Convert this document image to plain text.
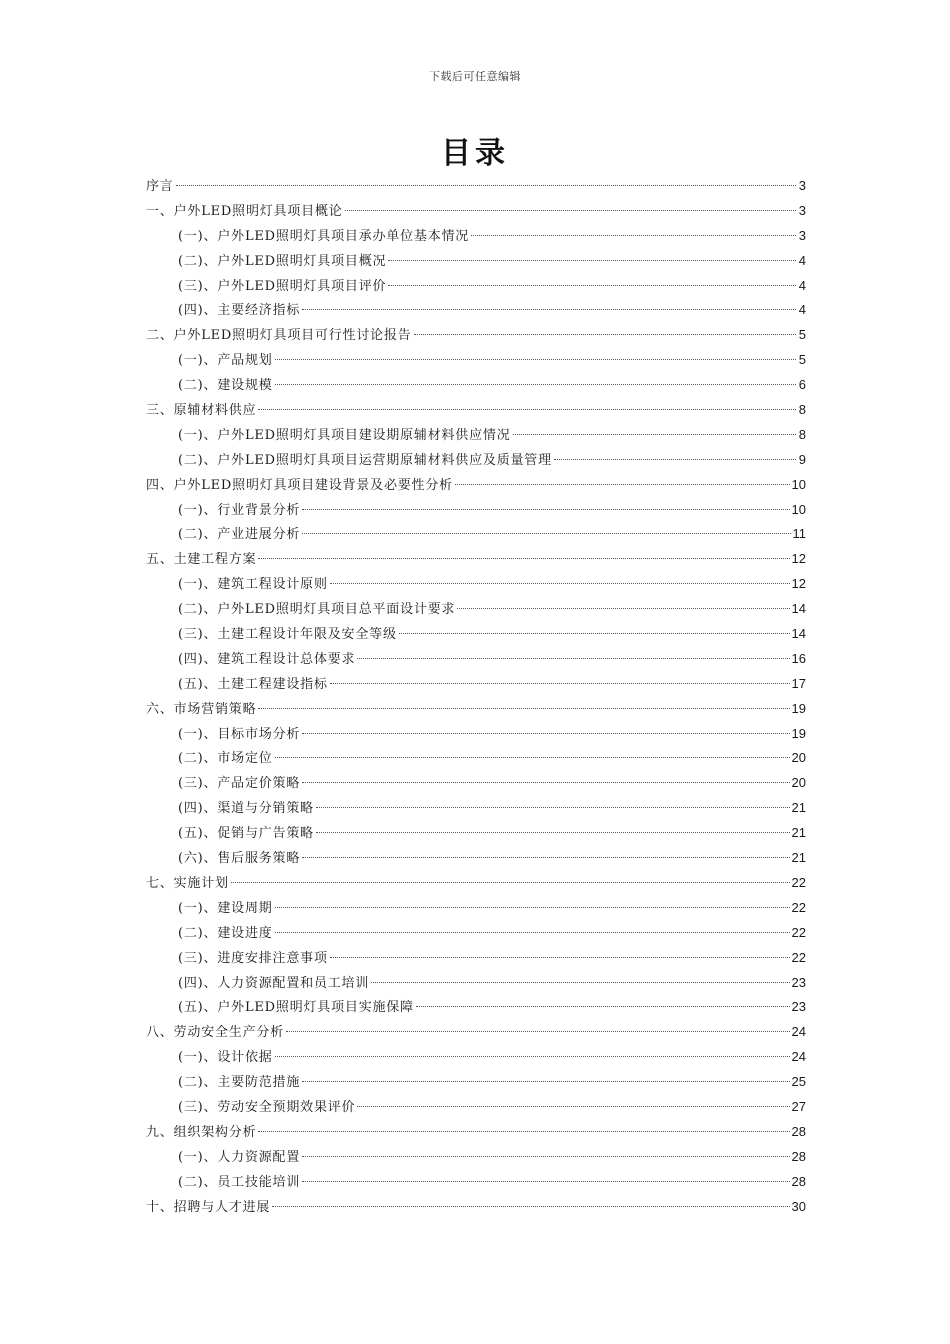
下载后可任意编辑
目录
序言	3
一、户外LED照明灯具项目概论	3
(一)、户外LED照明灯具项目承办单位基本情况	3
(二)、户外LED照明灯具项目概况	4
(三)、户外LED照明灯具项目评价	4
(四)、主要经济指标	4
二、户外LED照明灯具项目可行性讨论报告	5
(一)、产品规划	5
(二)、建设规模	6
三、原辅材料供应	8
(一)、户外LED照明灯具项目建设期原辅材料供应情况	8
(二)、户外LED照明灯具项目运营期原辅材料供应及质量管理	9
四、户外LED照明灯具项目建设背景及必要性分析	10
(一)、行业背景分析	10
(二)、产业进展分析	11
五、土建工程方案	12
(一)、建筑工程设计原则	12
(二)、户外LED照明灯具项目总平面设计要求	14
(三)、土建工程设计年限及安全等级	14
(四)、建筑工程设计总体要求	16
(五)、土建工程建设指标	17
六、市场营销策略	19
(一)、目标市场分析	19
(二)、市场定位	20
(三)、产品定价策略	20
(四)、渠道与分销策略	21
(五)、促销与广告策略	21
(六)、售后服务策略	21
七、实施计划	22
(一)、建设周期	22
(二)、建设进度	22
(三)、进度安排注意事项	22
(四)、人力资源配置和员工培训	23
(五)、户外LED照明灯具项目实施保障	23
八、劳动安全生产分析	24
(一)、设计依据	24
(二)、主要防范措施	25
(三)、劳动安全预期效果评价	27
九、组织架构分析	28
(一)、人力资源配置	28
(二)、员工技能培训	28
十、招聘与人才进展	30
